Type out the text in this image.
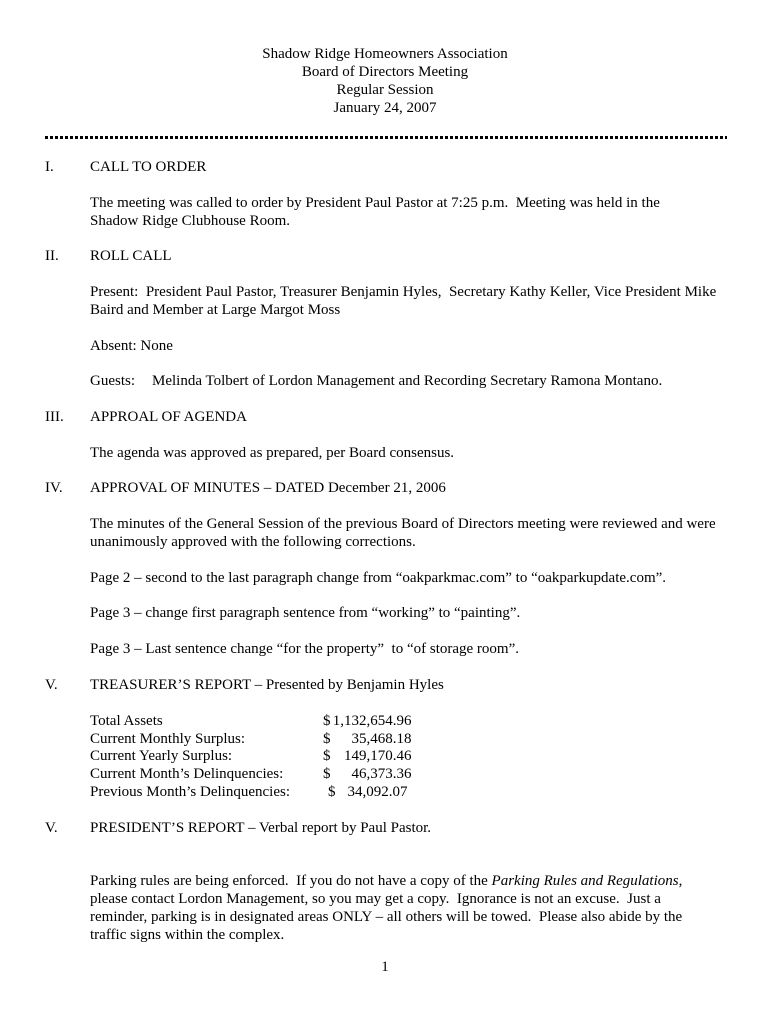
Shadow Ridge Homeowners Association
Board of Directors Meeting
Regular Session
January 24, 2007
I.	CALL TO ORDER
The meeting was called to order by President Paul Pastor at 7:25 p.m.  Meeting was held in the
Shadow Ridge Clubhouse Room.
II.	ROLL CALL
Present:  President Paul Pastor, Treasurer Benjamin Hyles,  Secretary Kathy Keller, Vice President Mike
Baird and Member at Large Margot Moss
Absent: None
Guests:	Melinda Tolbert of Lordon Management and Recording Secretary Ramona Montano.
III.	APPROAL OF AGENDA
The agenda was approved as prepared, per Board consensus.
IV.	APPROVAL OF MINUTES – DATED December 21, 2006
The minutes of the General Session of the previous Board of Directors meeting were reviewed and were
unanimously approved with the following corrections.
Page 2 – second to the last paragraph change from “oakparkmac.com” to “oakparkupdate.com”.
Page 3 – change first paragraph sentence from “working” to “painting”.
Page 3 – Last sentence change “for the property”  to “of storage room”.
V.	TREASURER’S REPORT – Presented by Benjamin Hyles
Total Assets	$ 1,132,654.96
Current Monthly Surplus:	$	35,468.18
Current Yearly Surplus:	$ 149,170.46
Current Month’s Delinquencies:	$	46,373.36
Previous Month’s Delinquencies:	$ 34,092.07
V.	PRESIDENT’S REPORT – Verbal report by Paul Pastor.
Parking rules are being enforced.  If you do not have a copy of the Parking Rules and Regulations ,
please contact Lordon Management, so you may get a copy.  Ignorance is not an excuse.  Just a
reminder, parking is in designated areas ONLY – all others will be towed.  Please also abide by the
traffic signs within the complex.
1
